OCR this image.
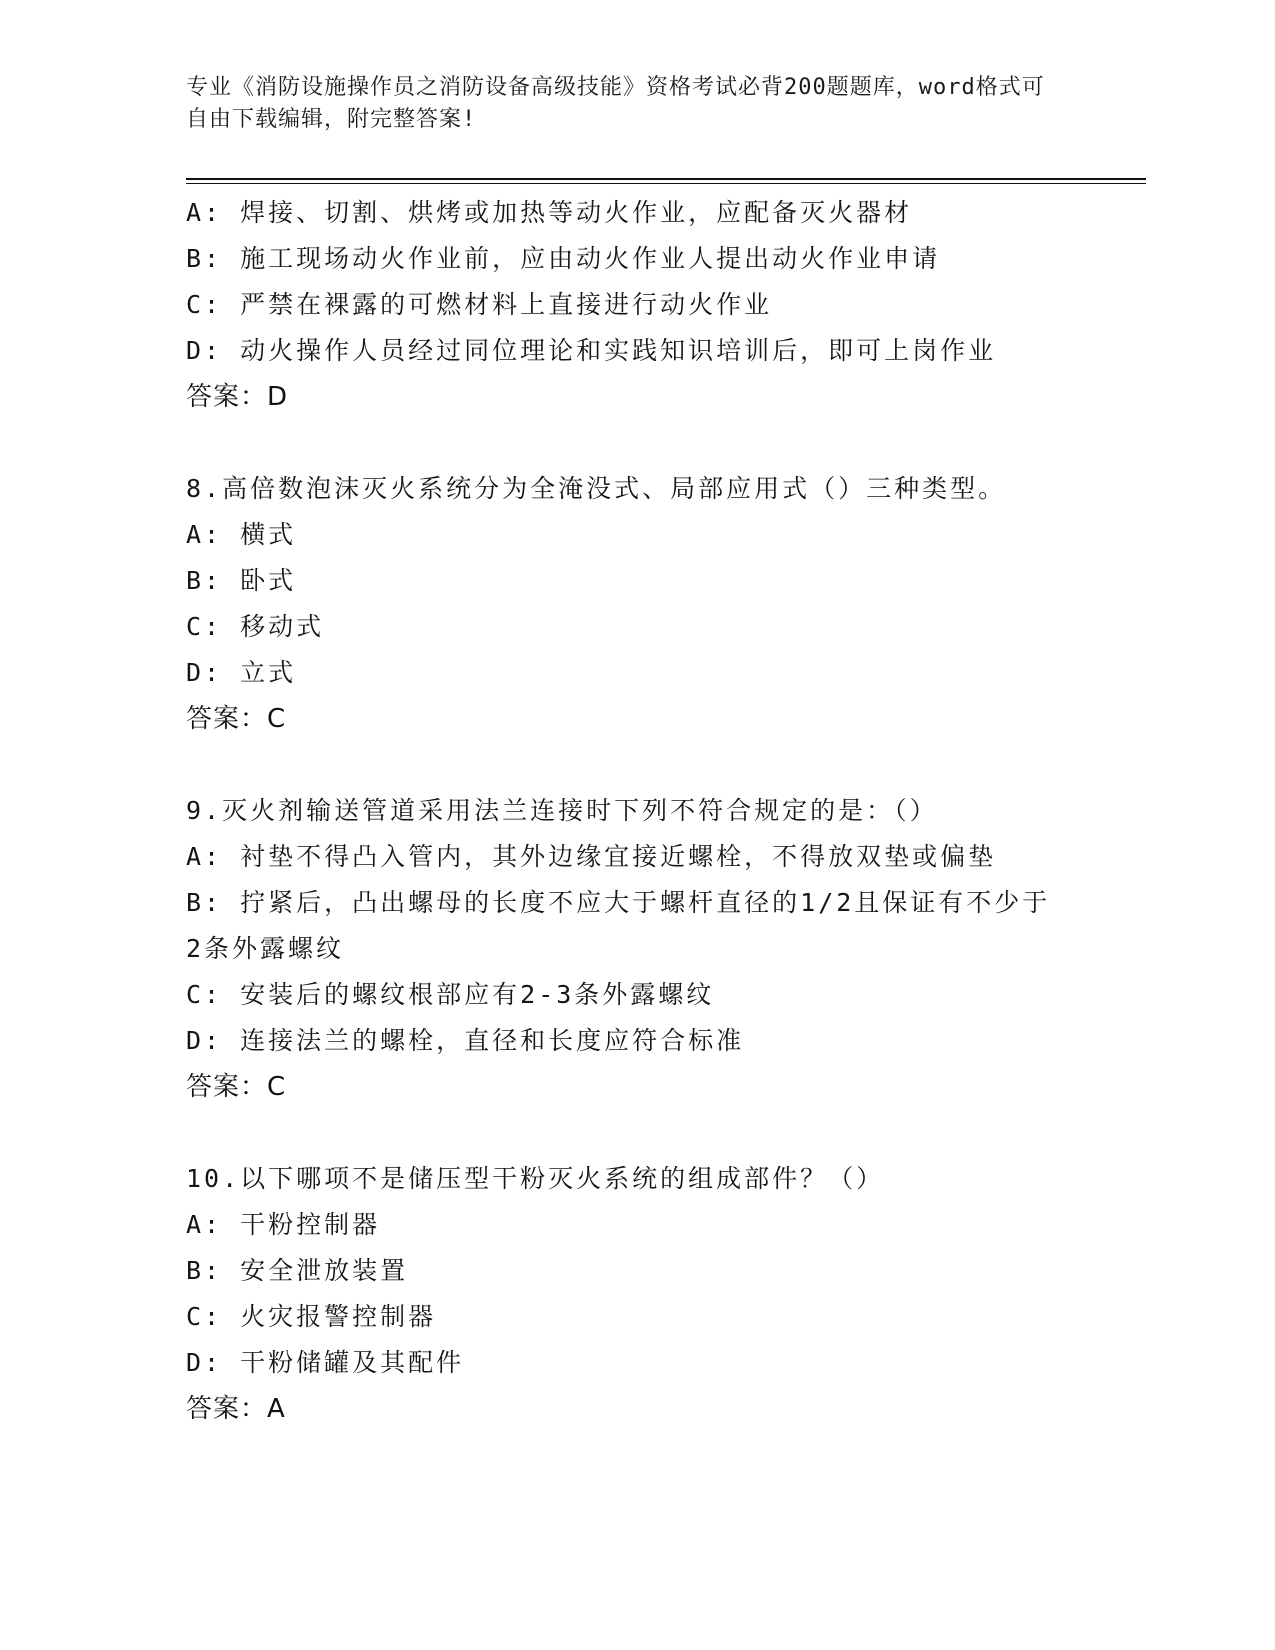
专业《消防设施操作员之消防设备高级技能》资格考试必背200题题库，word格式可自由下载编辑，附完整答案!
A: 焊接、切割、烘烤或加热等动火作业，应配备灭火器材
B: 施工现场动火作业前，应由动火作业人提出动火作业申请
C: 严禁在裸露的可燃材料上直接进行动火作业
D: 动火操作人员经过同位理论和实践知识培训后，即可上岗作业
答案：D
8.高倍数泡沫灭火系统分为全淹没式、局部应用式（）三种类型。
A: 横式
B: 卧式
C: 移动式
D: 立式
答案：C
9.灭火剂输送管道采用法兰连接时下列不符合规定的是：（）
A: 衬垫不得凸入管内，其外边缘宜接近螺栓，不得放双垫或偏垫
B: 拧紧后，凸出螺母的长度不应大于螺杆直径的1/2且保证有不少于2条外露螺纹
C: 安装后的螺纹根部应有2-3条外露螺纹
D: 连接法兰的螺栓，直径和长度应符合标准
答案：C
10.以下哪项不是储压型干粉灭火系统的组成部件？（）
A: 干粉控制器
B: 安全泄放装置
C: 火灾报警控制器
D: 干粉储罐及其配件
答案：A
